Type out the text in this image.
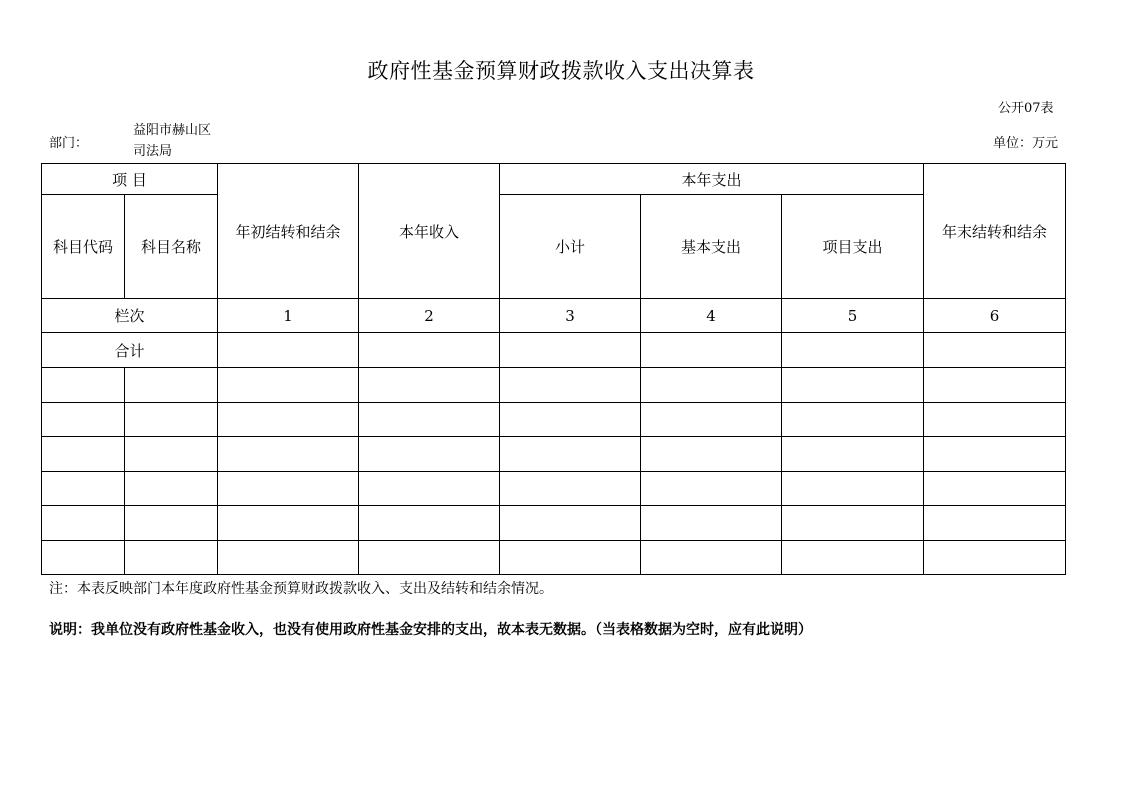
政府性基金预算财政拨款收入支出决算表
公开07表
部门：
益阳市赫山区司法局
单位：万元
项 目		年初结转和结余	本年收入	本年支出			年末结转和结余
科目代码	科目名称			小计	基本支出	项目支出	
栏次		1	2	3	4	5	6
合计							

注：本表反映部门本年度政府性基金预算财政拨款收入、支出及结转和结余情况。
说明：我单位没有政府性基金收入，也没有使用政府性基金安排的支出，故本表无数据。（当表格数据为空时，应有此说明）
